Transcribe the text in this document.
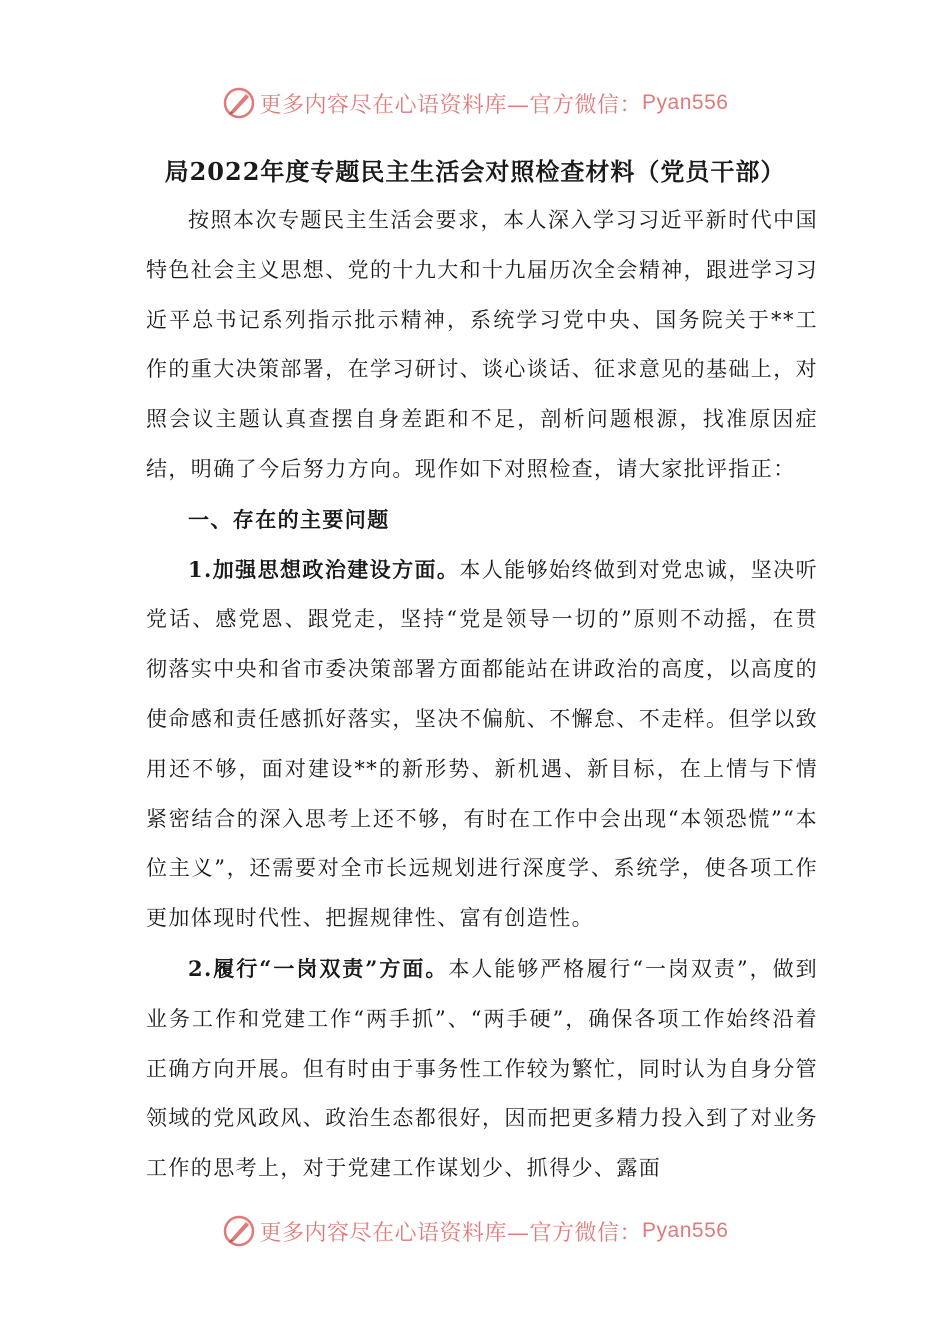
更多内容尽在心语资料库—官方微信： Pyan556
局2022年度专题民主生活会对照检查材料（党员干部）

按照本次专题民主生活会要求，本人深入学习习近平新时代中国特色社会主义思想、党的十九大和十九届历次全会精神，跟进学习习近平总书记系列指示批示精神，系统学习党中央、国务院关于**工作的重大决策部署，在学习研讨、谈心谈话、征求意见的基础上，对照会议主题认真查摆自身差距和不足，剖析问题根源，找准原因症结，明确了今后努力方向。现作如下对照检查，请大家批评指正：

一、存在的主要问题

1.加强思想政治建设方面。本人能够始终做到对党忠诚，坚决听党话、感党恩、跟党走，坚持“党是领导一切的”原则不动摇，在贯彻落实中央和省市委决策部署方面都能站在讲政治的高度，以高度的使命感和责任感抓好落实，坚决不偏航、不懈怠、不走样。但学以致用还不够，面对建设**的新形势、新机遇、新目标，在上情与下情紧密结合的深入思考上还不够，有时在工作中会出现“本领恐慌”“本位主义”，还需要对全市长远规划进行深度学、系统学，使各项工作更加体现时代性、把握规律性、富有创造性。

2.履行“一岗双责”方面。本人能够严格履行“一岗双责”，做到业务工作和党建工作“两手抓”、“两手硬”，确保各项工作始终沿着正确方向开展。但有时由于事务性工作较为繁忙，同时认为自身分管领域的党风政风、政治生态都很好，因而把更多精力投入到了对业务工作的思考上，对于党建工作谋划少、抓得少、露面

更多内容尽在心语资料库—官方微信： Pyan556
